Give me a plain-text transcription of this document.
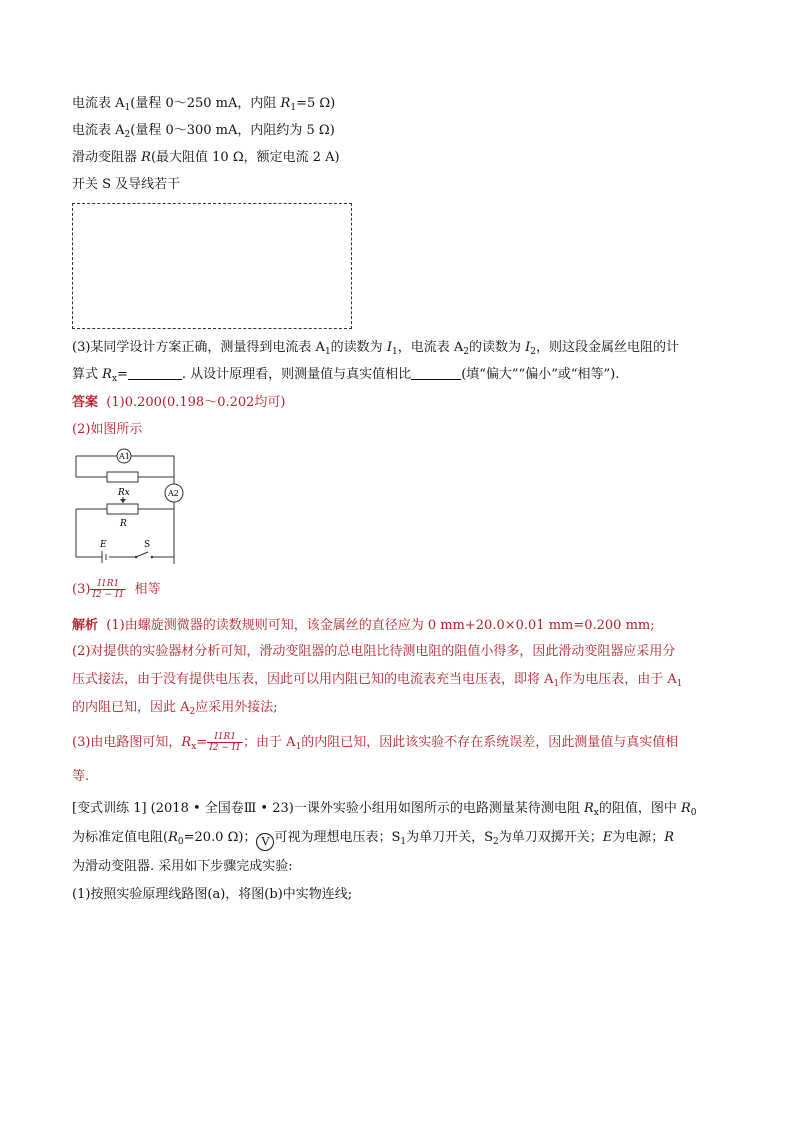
电流表 $A_1$(量程 0～250 mA，内阻 $R_1=5$ Ω)
电流表 $A_2$(量程 0～300 mA，内阻约为 5 Ω)
滑动变阻器 R(最大阻值 10 Ω，额定电流 2 A)
开关 S 及导线若干
(3)某同学设计方案正确，测量得到电流表 $A_1$的读数为 $I_1$，电流表 $A_2$的读数为 $I_2$，则这段金属丝电阻的计
算式 $R_x=$	. 从设计原理看，则测量值与真实值相比	(填“偏大”“偏小”或“相等”).
答案 (1)0.200(0.198～0.202均可)
(2)如图所示
A1
A2
Rx
R
E	S
$(3) \frac{I1R1}{I2 - I1}$ 相等
解析 (1)由螺旋测微器的读数规则可知，该金属丝的直径应为 0 mm+20.0×0.01 mm=0.200 mm;
(2)对提供的实验器材分析可知，滑动变阻器的总电阻比待测电阻的阻值小得多，因此滑动变阻器应采用分
压式接法，由于没有提供电压表，因此可以用内阻已知的电流表充当电压表，即将 $A_1$作为电压表，由于 $A_1$
的内阻已知，因此 $A_2$应采用外接法;
(3)由电路图可知，$R_x= \frac{I1R1}{I2 - I1}$ ；由于 $A_1$的内阻已知，因此该实验不存在系统误差，因此测量值与真实值相
等.
[变式训练 1] (2018 • 全国卷Ⅲ • 23)一课外实验小组用如图所示的电路测量某待测电阻 $R_x$的阻值，图中 $R_0$
为标准定值电阻($R_0=20.0$ Ω)； V 可视为理想电压表；$S_1$为单刀开关，$S_2$为单刀双掷开关；E为电源；R
为滑动变阻器. 采用如下步骤完成实验:
(1)按照实验原理线路图(a)，将图(b)中实物连线;
